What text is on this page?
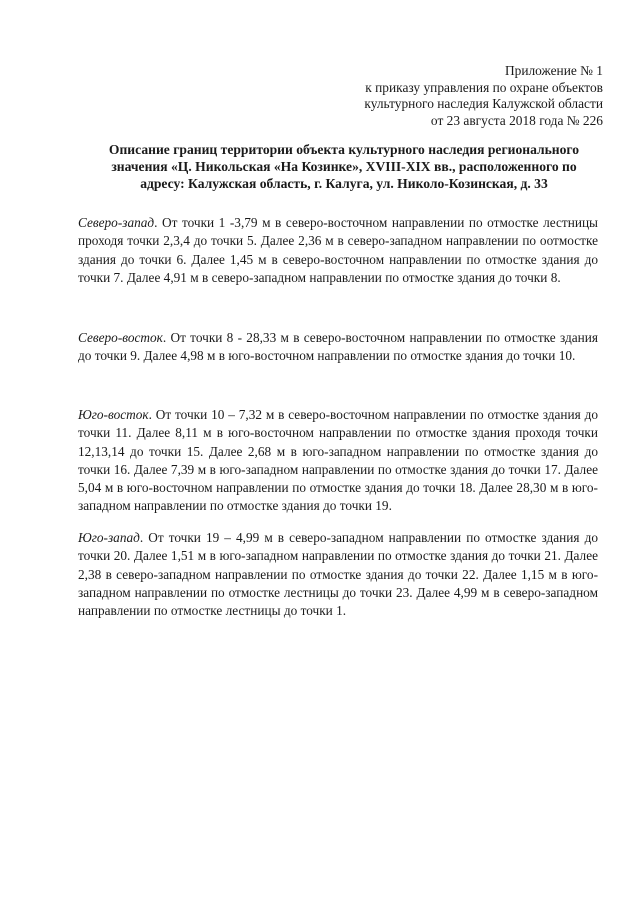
Приложение № 1
к приказу управления по охране объектов
культурного наследия Калужской области
от 23 августа 2018 года № 226
Описание границ территории объекта культурного наследия регионального
значения «Ц. Никольская «На Козинке», XVIII-XIX вв., расположенного по
адресу: Калужская область, г. Калуга, ул. Николо-Козинская, д. 33

Северо-запад. От точки 1 -3,79 м в северо-восточном направлении по отмостке лестницы проходя точки 2,3,4 до точки 5. Далее 2,36 м в северо-западном направлении по оотмостке здания до точки 6. Далее 1,45 м в северо-восточном направлении по отмостке здания до точки 7. Далее 4,91 м в северо-западном направлении по отмостке здания до точки 8.

Северо-восток. От точки 8 - 28,33 м в северо-восточном направлении по отмостке здания до точки 9. Далее 4,98 м в юго-восточном направлении по отмостке здания до точки 10.

Юго-восток. От точки 10 – 7,32 м в северо-восточном направлении по отмостке здания до точки 11. Далее 8,11 м в юго-восточном направлении по отмостке здания проходя точки 12,13,14 до точки 15. Далее 2,68 м в юго-западном направлении по отмостке здания до точки 16. Далее 7,39 м в юго-западном направлении по отмостке здания до точки 17. Далее 5,04 м в юго-восточном направлении по отмостке здания до точки 18. Далее 28,30 м в юго-западном направлении по отмостке здания до точки 19.

Юго-запад. От точки 19 – 4,99 м в северо-западном направлении по отмостке здания до точки 20. Далее 1,51 м в юго-западном направлении по отмостке здания до точки 21. Далее 2,38 в северо-западном направлении по отмостке здания до точки 22. Далее 1,15 м в юго-западном направлении по отмостке лестницы до точки 23. Далее 4,99 м в северо-западном направлении по отмостке лестницы до точки 1.
